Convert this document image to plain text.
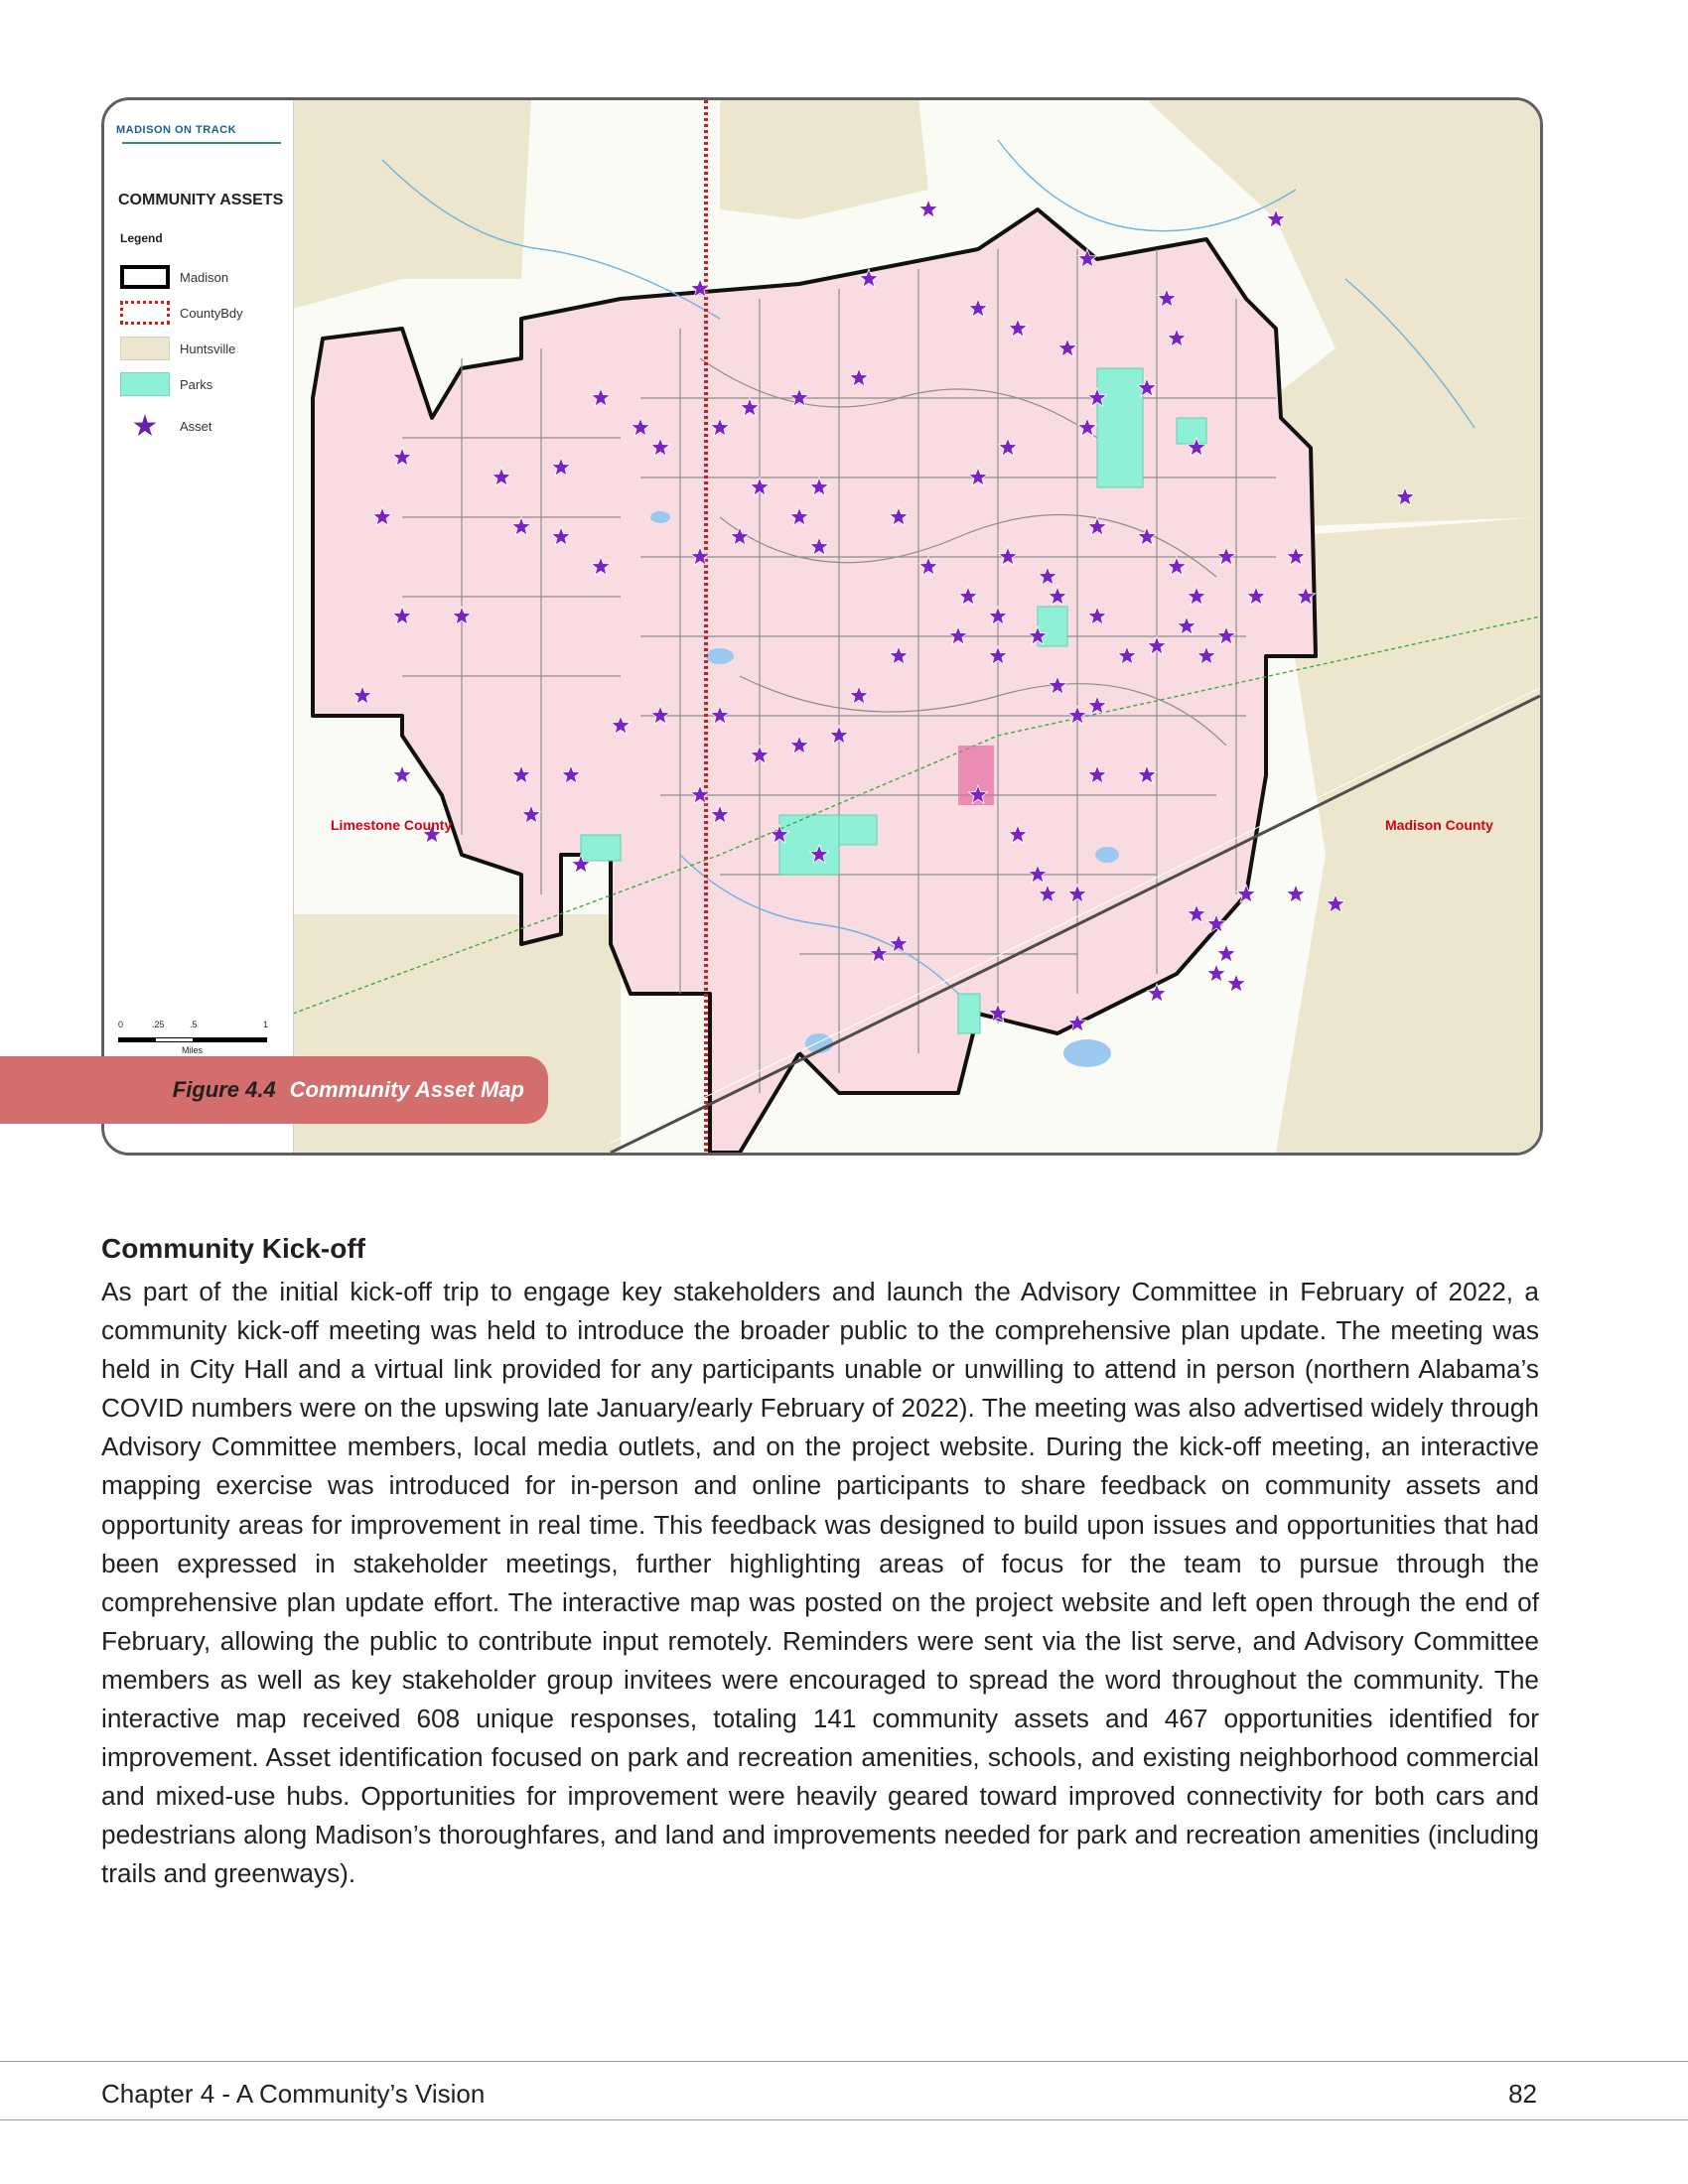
MADISON ON TRACK
COMMUNITY ASSETS
Legend
Madison
CountyBdy
Huntsville
Parks
★	Asset
0	.25	.5	1
Miles
Limestone County	Madison County
Figure 4.4 Community Asset Map
Community Kick-off

As part of the initial kick-off trip to engage key stakeholders and launch the Advisory Committee in February of 2022, a community kick-off meeting was held to introduce the broader public to the comprehensive plan update. The meeting was held in City Hall and a virtual link provided for any participants unable or unwilling to attend in person (northern Alabama’s COVID numbers were on the upswing late January/early February of 2022). The meeting was also advertised widely through Advisory Committee members, local media outlets, and on the project website. During the kick-off meeting, an interactive mapping exercise was introduced for in-person and online participants to share feedback on community assets and opportunity areas for improvement in real time. This feedback was designed to build upon issues and opportunities that had been expressed in stakeholder meetings, further highlighting areas of focus for the team to pursue through the comprehensive plan update effort. The interactive map was posted on the project website and left open through the end of February, allowing the public to contribute input remotely. Reminders were sent via the list serve, and Advisory Committee members as well as key stakeholder group invitees were encouraged to spread the word throughout the community. The interactive map received 608 unique responses, totaling 141 community assets and 467 opportunities identified for improvement. Asset identification focused on park and recreation amenities, schools, and existing neighborhood commercial and mixed-use hubs. Opportunities for improvement were heavily geared toward improved connectivity for both cars and pedestrians along Madison’s thoroughfares, and land and improvements needed for park and recreation amenities (including trails and greenways).

Chapter 4 - A Community’s Vision	82
